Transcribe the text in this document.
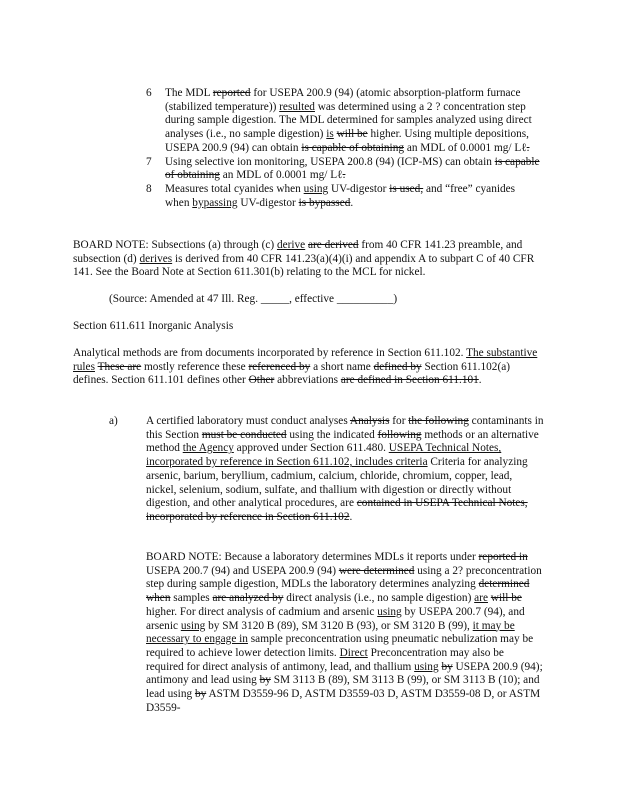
6	The MDL reported for USEPA 200.9 (94) (atomic absorption-platform furnace (stabilized temperature)) resulted was determined using a 2 ? concentration step during sample digestion. The MDL determined for samples analyzed using direct analyses (i.e., no sample digestion) is will be higher. Using multiple depositions, USEPA 200.9 (94) can obtain is capable of obtaining an MDL of 0.0001 mg/ Lℓ.
7	Using selective ion monitoring, USEPA 200.8 (94) (ICP-MS) can obtain is capable of obtaining an MDL of 0.0001 mg/ Lℓ.
8	Measures total cyanides when using UV-digestor is used, and “free” cyanides when bypassing UV-digestor is bypassed.

BOARD NOTE: Subsections (a) through (c) derive are derived from 40 CFR 141.23 preamble, and subsection (d) derives is derived from 40 CFR 141.23(a)(4)(i) and appendix A to subpart C of 40 CFR 141. See the Board Note at Section 611.301(b) relating to the MCL for nickel.

(Source: Amended at 47 Ill. Reg. _____, effective __________)

Section 611.611 Inorganic Analysis

Analytical methods are from documents incorporated by reference in Section 611.102. The substantive rules These are mostly reference these referenced by a short name defined by Section 611.102(a) defines. Section 611.101 defines other Other abbreviations are defined in Section 611.101.

a) A certified laboratory must conduct analyses Analysis for the following contaminants in this Section must be conducted using the indicated following methods or an alternative method the Agency approved under Section 611.480. USEPA Technical Notes, incorporated by reference in Section 611.102, includes criteria Criteria for analyzing arsenic, barium, beryllium, cadmium, calcium, chloride, chromium, copper, lead, nickel, selenium, sodium, sulfate, and thallium with digestion or directly without digestion, and other analytical procedures, are contained in USEPA Technical Notes, incorporated by reference in Section 611.102.

BOARD NOTE: Because a laboratory determines MDLs it reports under reported in USEPA 200.7 (94) and USEPA 200.9 (94) were determined using a 2? preconcentration step during sample digestion, MDLs the laboratory determines analyzing determined when samples are analyzed by direct analysis (i.e., no sample digestion) are will be higher. For direct analysis of cadmium and arsenic using by USEPA 200.7 (94), and arsenic using by SM 3120 B (89), SM 3120 B (93), or SM 3120 B (99), it may be necessary to engage in sample preconcentration using pneumatic nebulization may be required to achieve lower detection limits. Direct Preconcentration may also be required for direct analysis of antimony, lead, and thallium using by USEPA 200.9 (94); antimony and lead using by SM 3113 B (89), SM 3113 B (99), or SM 3113 B (10); and lead using by ASTM D3559-96 D, ASTM D3559-03 D, ASTM D3559-08 D, or ASTM D3559-
